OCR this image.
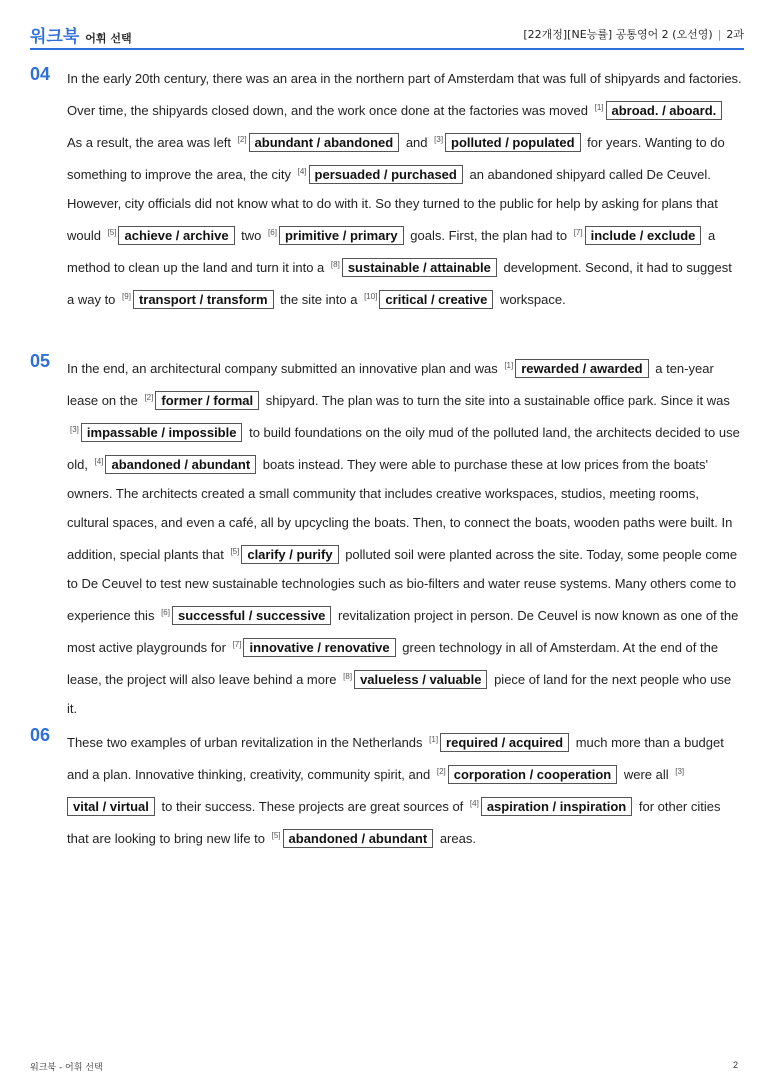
워크북 어휘 선택	[22개정][NE능률] 공통영어 2 (오선영) | 2과
04 In the early 20th century, there was an area in the northern part of Amsterdam that was full of shipyards and factories. Over time, the shipyards closed down, and the work once done at the factories was moved [1] abroad. / aboard. As a result, the area was left [2] abundant / abandoned and [3] polluted / populated for years. Wanting to do something to improve the area, the city [4] persuaded / purchased an abandoned shipyard called De Ceuvel. However, city officials did not know what to do with it. So they turned to the public for help by asking for plans that would [5] achieve / archive two [6] primitive / primary goals. First, the plan had to [7] include / exclude a method to clean up the land and turn it into a [8] sustainable / attainable development. Second, it had to suggest a way to [9] transport / transform the site into a [10] critical / creative workspace.
05 In the end, an architectural company submitted an innovative plan and was [1] rewarded / awarded a ten-year lease on the [2] former / formal shipyard. The plan was to turn the site into a sustainable office park. Since it was [3] impassable / impossible to build foundations on the oily mud of the polluted land, the architects decided to use old, [4] abandoned / abundant boats instead. They were able to purchase these at low prices from the boats' owners. The architects created a small community that includes creative workspaces, studios, meeting rooms, cultural spaces, and even a café, all by upcycling the boats. Then, to connect the boats, wooden paths were built. In addition, special plants that [5] clarify / purify polluted soil were planted across the site. Today, some people come to De Ceuvel to test new sustainable technologies such as bio-filters and water reuse systems. Many others come to experience this [6] successful / successive revitalization project in person. De Ceuvel is now known as one of the most active playgrounds for [7] innovative / renovative green technology in all of Amsterdam. At the end of the lease, the project will also leave behind a more [8] valueless / valuable piece of land for the next people who use it.
06 These two examples of urban revitalization in the Netherlands [1] required / acquired much more than a budget and a plan. Innovative thinking, creativity, community spirit, and [2] corporation / cooperation were all [3]vital / virtual to their success. These projects are great sources of [4] aspiration / inspiration for other cities that are looking to bring new life to [5] abandoned / abundant areas.
워크북 - 어휘 선택	2
